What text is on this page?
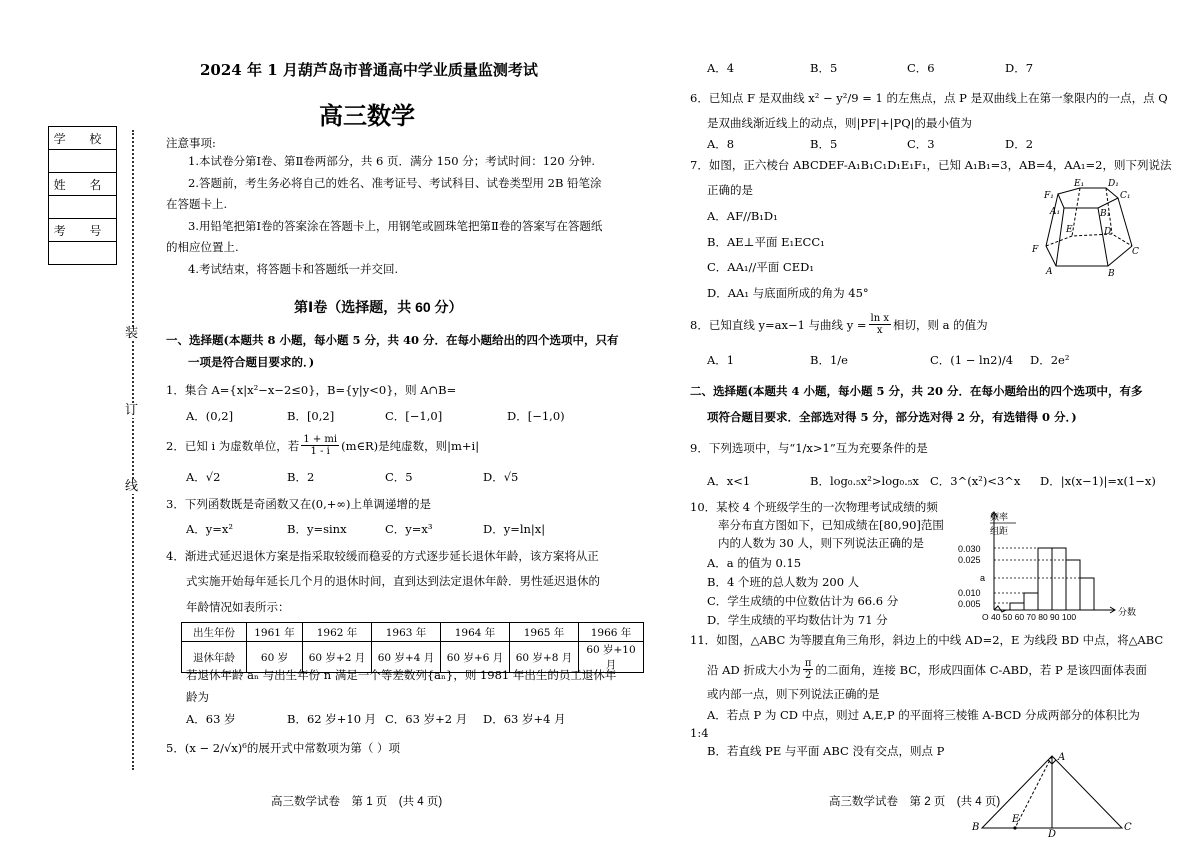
2024 年 1 月葫芦岛市普通高中学业质量监测考试
高三数学
学 校
姓 名
考 号
装
订
线
注意事项:
1.本试卷分第Ⅰ卷、第Ⅱ卷两部分，共 6 页．满分 150 分；考试时间：120 分钟.
2.答题前，考生务必将自己的姓名、准考证号、考试科目、试卷类型用 2B 铅笔涂
在答题卡上.
3.用铅笔把第Ⅰ卷的答案涂在答题卡上，用钢笔或圆珠笔把第Ⅱ卷的答案写在答题纸
的相应位置上.
4.考试结束，将答题卡和答题纸一并交回.
第Ⅰ卷（选择题，共 60 分）
一、选择题(本题共 8 小题，每小题 5 分，共 40 分．在每小题给出的四个选项中，只有
一项是符合题目要求的．)
1．集合 A={x|x²−x−2≤0}，B={y|y<0}，则 A∩B=
A．(0,2]	B．[0,2]	C．[−1,0]	D．[−1,0)
2．已知 i 为虚数单位，若 $\frac{1 + mi}{1 - i}$ (m∈R)是纯虚数，则|m+i|
A．√2	B．2	C．5	D．√5
3．下列函数既是奇函数又在(0,+∞)上单调递增的是
A．y=x²	B．y=sinx	C．y=x³	D．y=ln|x|
4．渐进式延迟退休方案是指采取较缓而稳妥的方式逐步延长退休年龄，该方案将从正
式实施开始每年延长几个月的退休时间，直到达到法定退休年龄．男性延迟退休的
年龄情况如表所示：
出生年份	1961 年	1962 年	1963 年	1964 年	1965 年	1966 年
退休年龄	60 岁	60 岁+2 月	60 岁+4 月	60 岁+6 月	60 岁+8 月	60 岁+10 月
若退休年龄 aₙ 与出生年份 n 满足一个等差数列{aₙ}，则 1981 年出生的员工退休年
龄为
A．63 岁	B．62 岁+10 月 C．63 岁+2 月 D．63 岁+4 月
5．(x − 2/√x)⁶的展开式中常数项为第（ ）项
高三数学试卷　第 1 页　(共 4 页)
A．4	B．5	C．6	D．7
6．已知点 F 是双曲线 x² − y²/9 = 1 的左焦点，点 P 是双曲线上在第一象限内的一点，点 Q
是双曲线渐近线上的动点，则|PF|+|PQ|的最小值为
A．8	B．5	C．3	D．2
7．如图，正六棱台 ABCDEF-A₁B₁C₁D₁E₁F₁，已知 A₁B₁=3，AB=4，AA₁=2，则下列说法
正确的是
A．AF//B₁D₁
B．AE⊥平面 E₁ECC₁
C．AA₁//平面 CED₁
D．AA₁ 与底面所成的角为 45°
F₁
E₁	D₁
C₁
A₁	B₁
E	D
F	C
A	B
8．已知直线 y=ax−1 与曲线 $y = \frac{\text{ln x}}{x}$ 相切，则 a 的值为
A．1	B．1/e	C．(1 − ln2)/4 D．2e²
二、选择题(本题共 4 小题，每小题 5 分，共 20 分．在每小题给出的四个选项中，有多
项符合题目要求．全部选对得 5 分，部分选对得 2 分，有选错得 0 分．)
9．下列选项中，与“1/x>1”互为充要条件的是
A．x<1	B．log₀.₅x²>log₀.₅x C．3^(x²)<3^x D．|x(x−1)|=x(1−x)
10．某校 4 个班级学生的一次物理考试成绩的频
率分布直方图如下，已知成绩在[80,90]范围
内的人数为 30 人，则下列说法正确的是
A．a 的值为 0.15
B．4 个班的总人数为 200 人
C．学生成绩的中位数估计为 66.6 分
D．学生成绩的平均数估计为 71 分
频率
组距
0.030
0.025
a
0.010
0.005
O 40 50 60 70 80 90 100	分数
11．如图，△ABC 为等腰直角三角形，斜边上的中线 AD=2，E 为线段 BD 中点，将△ABC
沿 AD 折成大小为 $\frac{\pi}{2}$ 的二面角，连接 BC，形成四面体 C-ABD，若 P 是该四面体表面
或内部一点，则下列说法正确的是
A．若点 P 为 CD 中点，则过 A,E,P 的平面将三棱锥 A-BCD 分成两部分的体积比为
1:4
B．若直线 PE 与平面 ABC 没有交点，则点 P	A
B
E
D
C
高三数学试卷　第 2 页　(共 4 页)
